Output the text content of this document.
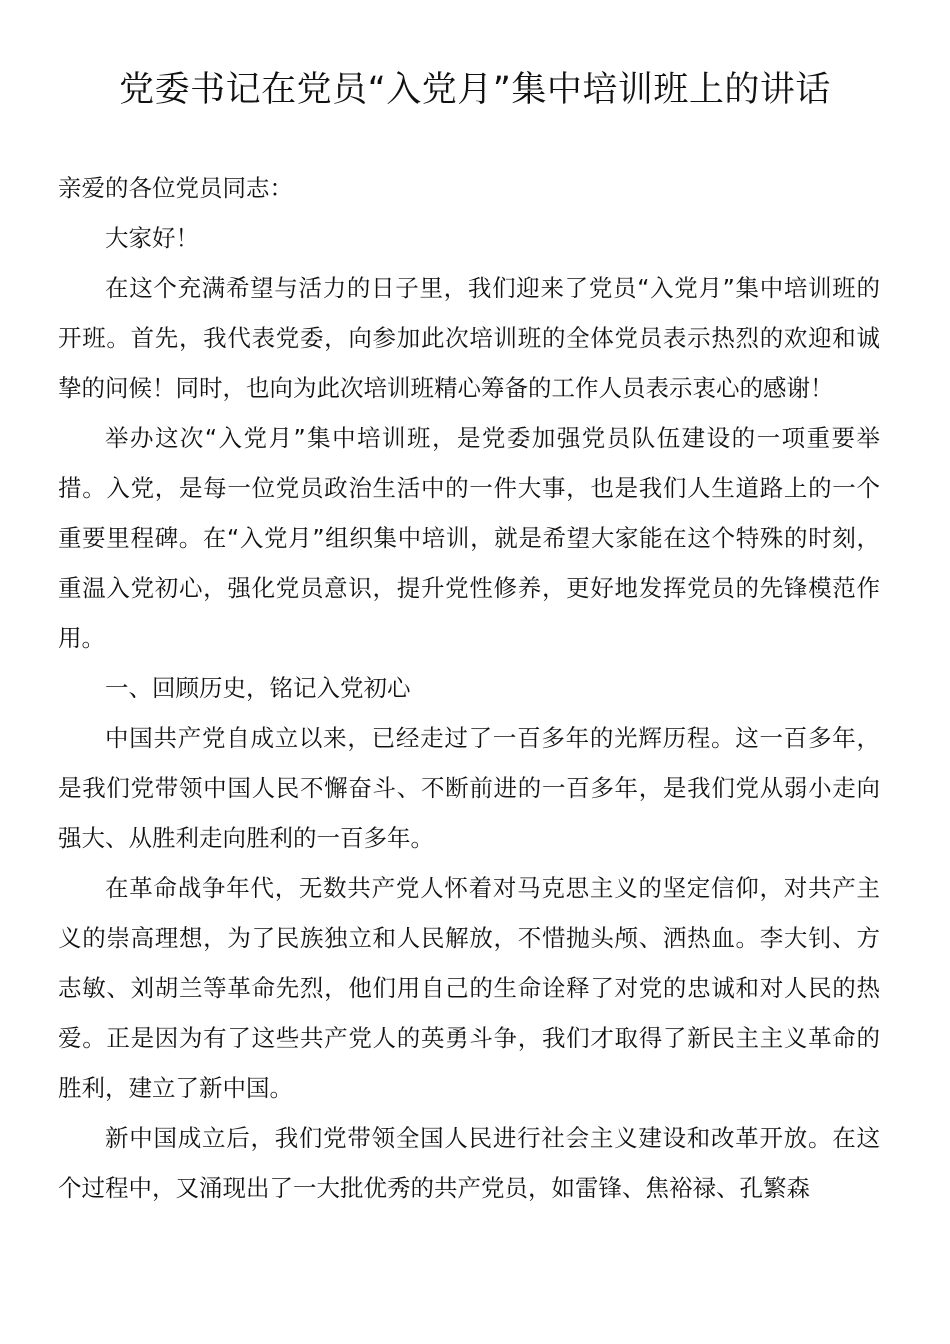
党委书记在党员“入党月”集中培训班上的讲话

亲爱的各位党员同志：

大家好！

在这个充满希望与活力的日子里，我们迎来了党员“入党月”集中培训班的开班。首先，我代表党委，向参加此次培训班的全体党员表示热烈的欢迎和诚挚的问候！同时，也向为此次培训班精心筹备的工作人员表示衷心的感谢！

举办这次“入党月”集中培训班，是党委加强党员队伍建设的一项重要举措。入党，是每一位党员政治生活中的一件大事，也是我们人生道路上的一个重要里程碑。在“入党月”组织集中培训，就是希望大家能在这个特殊的时刻，重温入党初心，强化党员意识，提升党性修养，更好地发挥党员的先锋模范作用。

一、回顾历史，铭记入党初心

中国共产党自成立以来，已经走过了一百多年的光辉历程。这一百多年，是我们党带领中国人民不懈奋斗、不断前进的一百多年，是我们党从弱小走向强大、从胜利走向胜利的一百多年。

在革命战争年代，无数共产党人怀着对马克思主义的坚定信仰，对共产主义的崇高理想，为了民族独立和人民解放，不惜抛头颅、洒热血。李大钊、方志敏、刘胡兰等革命先烈，他们用自己的生命诠释了对党的忠诚和对人民的热爱。正是因为有了这些共产党人的英勇斗争，我们才取得了新民主主义革命的胜利，建立了新中国。

新中国成立后，我们党带领全国人民进行社会主义建设和改革开放。在这个过程中，又涌现出了一大批优秀的共产党员，如雷锋、焦裕禄、孔繁森
